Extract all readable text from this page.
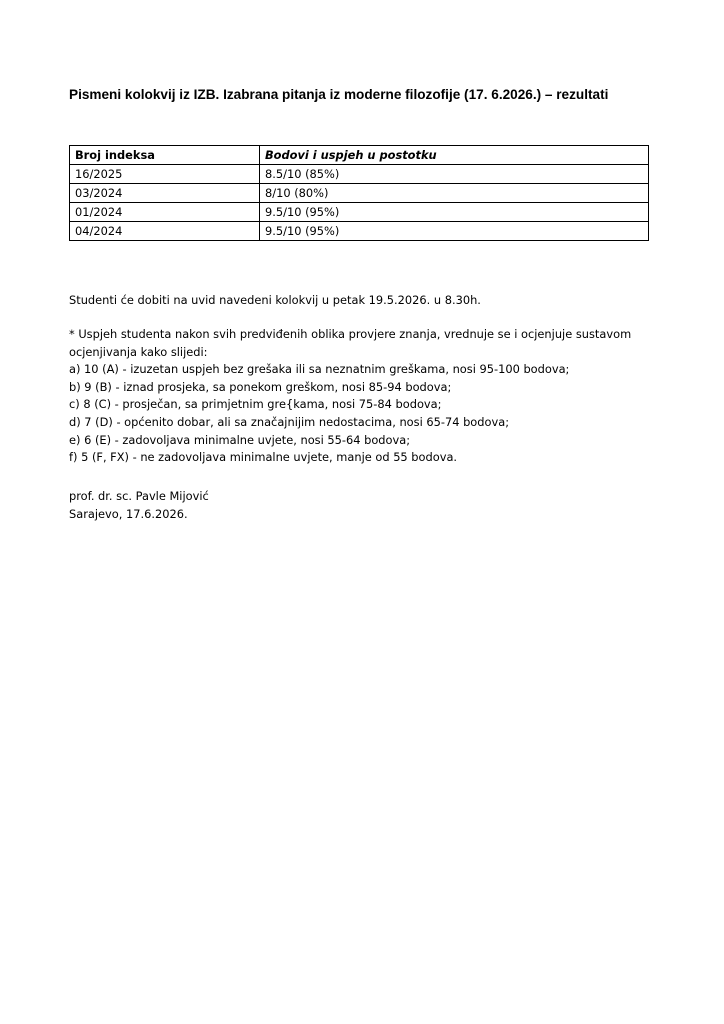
Pismeni kolokvij iz IZB. Izabrana pitanja iz moderne filozofije (17. 6.2026.) – rezultati
Broj indeksa	Bodovi i uspjeh u postotku
16/2025	8.5/10 (85%)
03/2024	8/10 (80%)
01/2024	9.5/10 (95%)
04/2024	9.5/10 (95%)
Studenti će dobiti na uvid navedeni kolokvij u petak 19.5.2026. u 8.30h.
* Uspjeh studenta nakon svih predviđenih oblika provjere znanja, vrednuje se i ocjenjuje sustavom
ocjenjivanja kako slijedi:
a) 10 (A) - izuzetan uspjeh bez grešaka ili sa neznatnim greškama, nosi 95-100 bodova;
b) 9 (B) - iznad prosjeka, sa ponekom greškom, nosi 85-94 bodova;
c) 8 (C) - prosječan, sa primjetnim gre{kama, nosi 75-84 bodova;
d) 7 (D) - općenito dobar, ali sa značajnijim nedostacima, nosi 65-74 bodova;
e) 6 (E) - zadovoljava minimalne uvjete, nosi 55-64 bodova;
f) 5 (F, FX) - ne zadovoljava minimalne uvjete, manje od 55 bodova.
prof. dr. sc. Pavle Mijović
Sarajevo, 17.6.2026.
